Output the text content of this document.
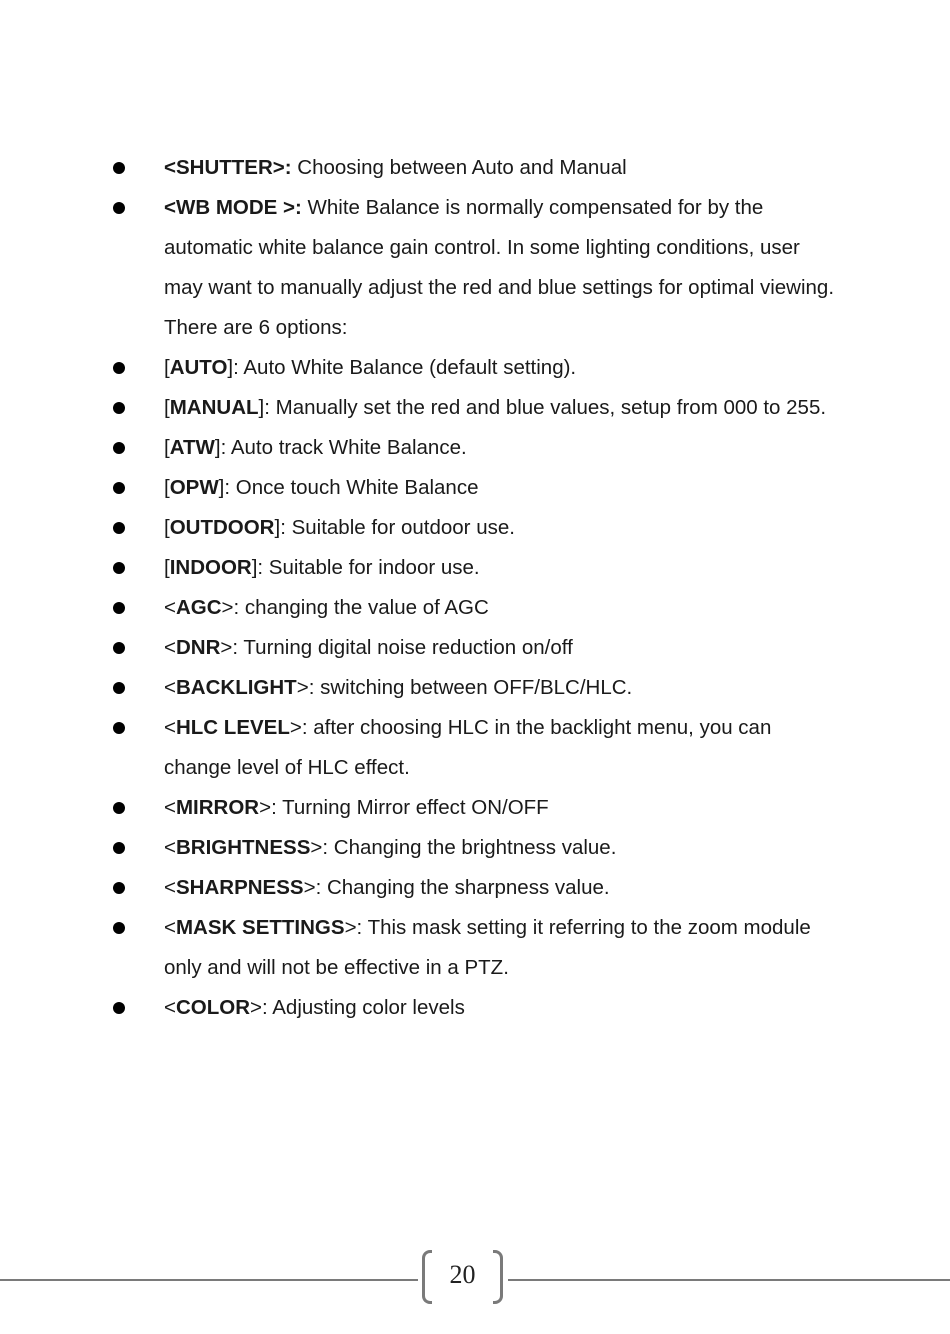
<SHUTTER>: Choosing between Auto and Manual
<WB MODE >: White Balance is normally compensated for by the automatic white balance gain control. In some lighting conditions, user may want to manually adjust the red and blue settings for optimal viewing. There are 6 options:
[AUTO]: Auto White Balance (default setting).
[MANUAL]: Manually set the red and blue values, setup from 000 to 255.
[ATW]: Auto track White Balance.
[OPW]: Once touch White Balance
[OUTDOOR]: Suitable for outdoor use.
[INDOOR]: Suitable for indoor use.
<AGC>: changing the value of AGC
<DNR>: Turning digital noise reduction on/off
<BACKLIGHT>: switching between OFF/BLC/HLC.
<HLC LEVEL>: after choosing HLC in the backlight menu, you can change level of HLC effect.
<MIRROR>: Turning Mirror effect ON/OFF
<BRIGHTNESS>: Changing the brightness value.
<SHARPNESS>: Changing the sharpness value.
<MASK SETTINGS>: This mask setting it referring to the zoom module only and will not be effective in a PTZ.
<COLOR>: Adjusting color levels
20
